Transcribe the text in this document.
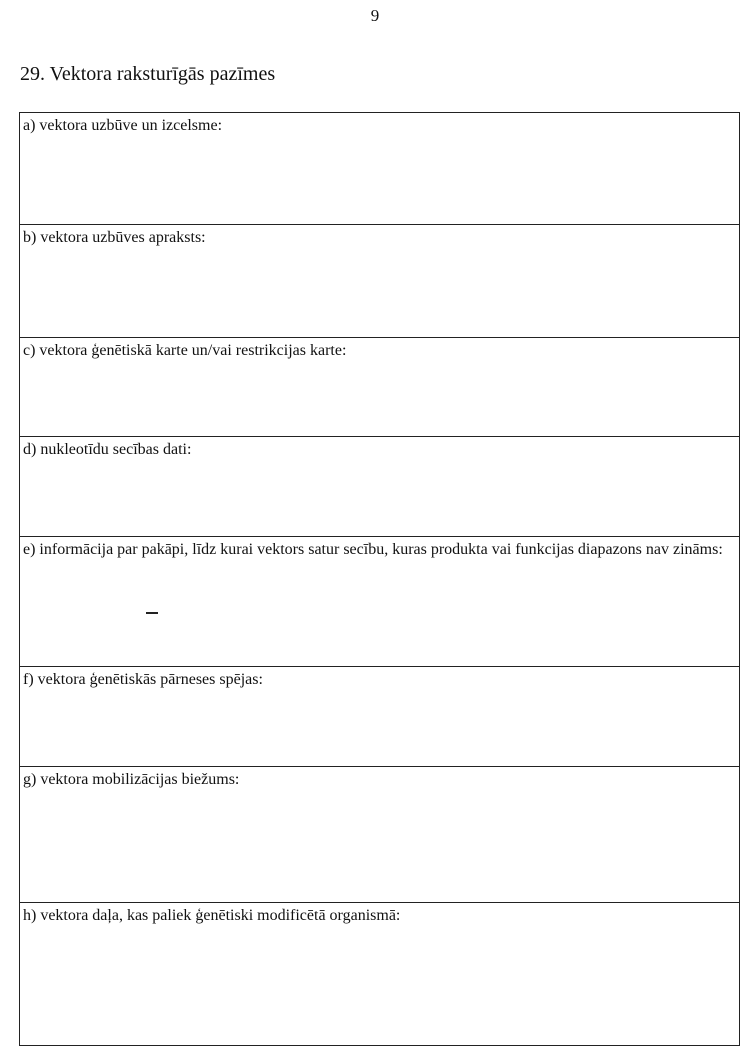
9
29. Vektora raksturīgās pazīmes
a) vektora uzbūve un izcelsme:
b) vektora uzbūves apraksts:
c) vektora ģenētiskā karte un/vai restrikcijas karte:
d) nukleotīdu secības dati:
e) informācija par pakāpi, līdz kurai vektors satur secību, kuras produkta vai funkcijas diapazons nav zināms:
f) vektora ģenētiskās pārneses spējas:
g) vektora mobilizācijas biežums:
h) vektora daļa, kas paliek ģenētiski modificētā organismā:
